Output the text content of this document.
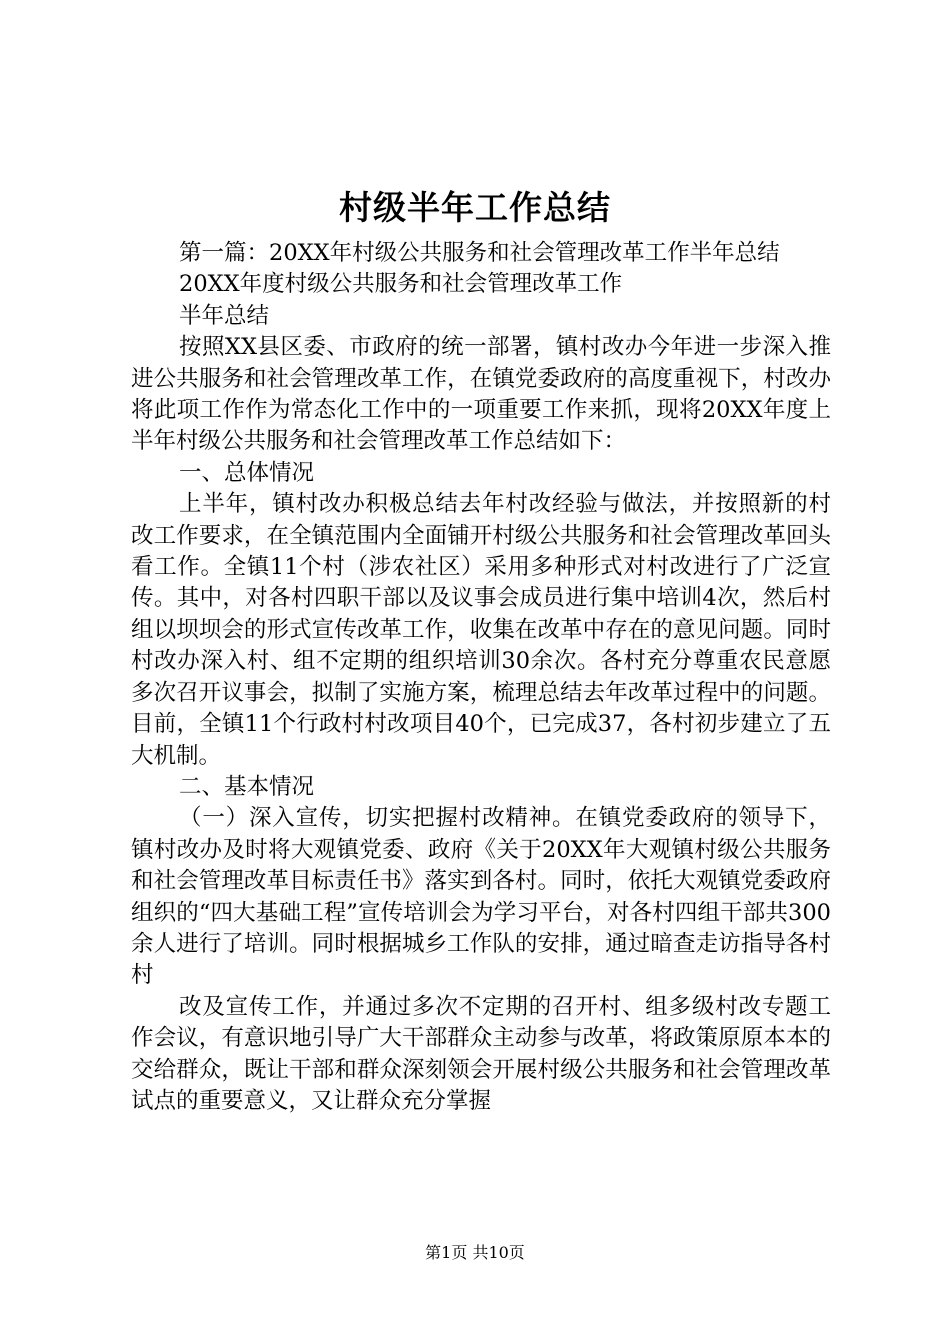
村级半年工作总结

第一篇：20XX年村级公共服务和社会管理改革工作半年总结

20XX年度村级公共服务和社会管理改革工作

半年总结

按照XX县区委、市政府的统一部署，镇村改办今年进一步深入推进公共服务和社会管理改革工作，在镇党委政府的高度重视下，村改办将此项工作作为常态化工作中的一项重要工作来抓，现将20XX年度上半年村级公共服务和社会管理改革工作总结如下：

一、总体情况

上半年，镇村改办积极总结去年村改经验与做法，并按照新的村改工作要求，在全镇范围内全面铺开村级公共服务和社会管理改革回头看工作。全镇11个村（涉农社区）采用多种形式对村改进行了广泛宣传。其中，对各村四职干部以及议事会成员进行集中培训4次，然后村组以坝坝会的形式宣传改革工作，收集在改革中存在的意见问题。同时村改办深入村、组不定期的组织培训30余次。各村充分尊重农民意愿多次召开议事会，拟制了实施方案，梳理总结去年改革过程中的问题。目前，全镇11个行政村村改项目40个，已完成37，各村初步建立了五大机制。

二、基本情况

（一）深入宣传，切实把握村改精神。在镇党委政府的领导下，镇村改办及时将大观镇党委、政府《关于20XX年大观镇村级公共服务和社会管理改革目标责任书》落实到各村。同时，依托大观镇党委政府组织的“四大基础工程”宣传培训会为学习平台，对各村四组干部共300余人进行了培训。同时根据城乡工作队的安排，通过暗查走访指导各村村

改及宣传工作，并通过多次不定期的召开村、组多级村改专题工作会议，有意识地引导广大干部群众主动参与改革，将政策原原本本的交给群众，既让干部和群众深刻领会开展村级公共服务和社会管理改革试点的重要意义，又让群众充分掌握

第1页 共10页
